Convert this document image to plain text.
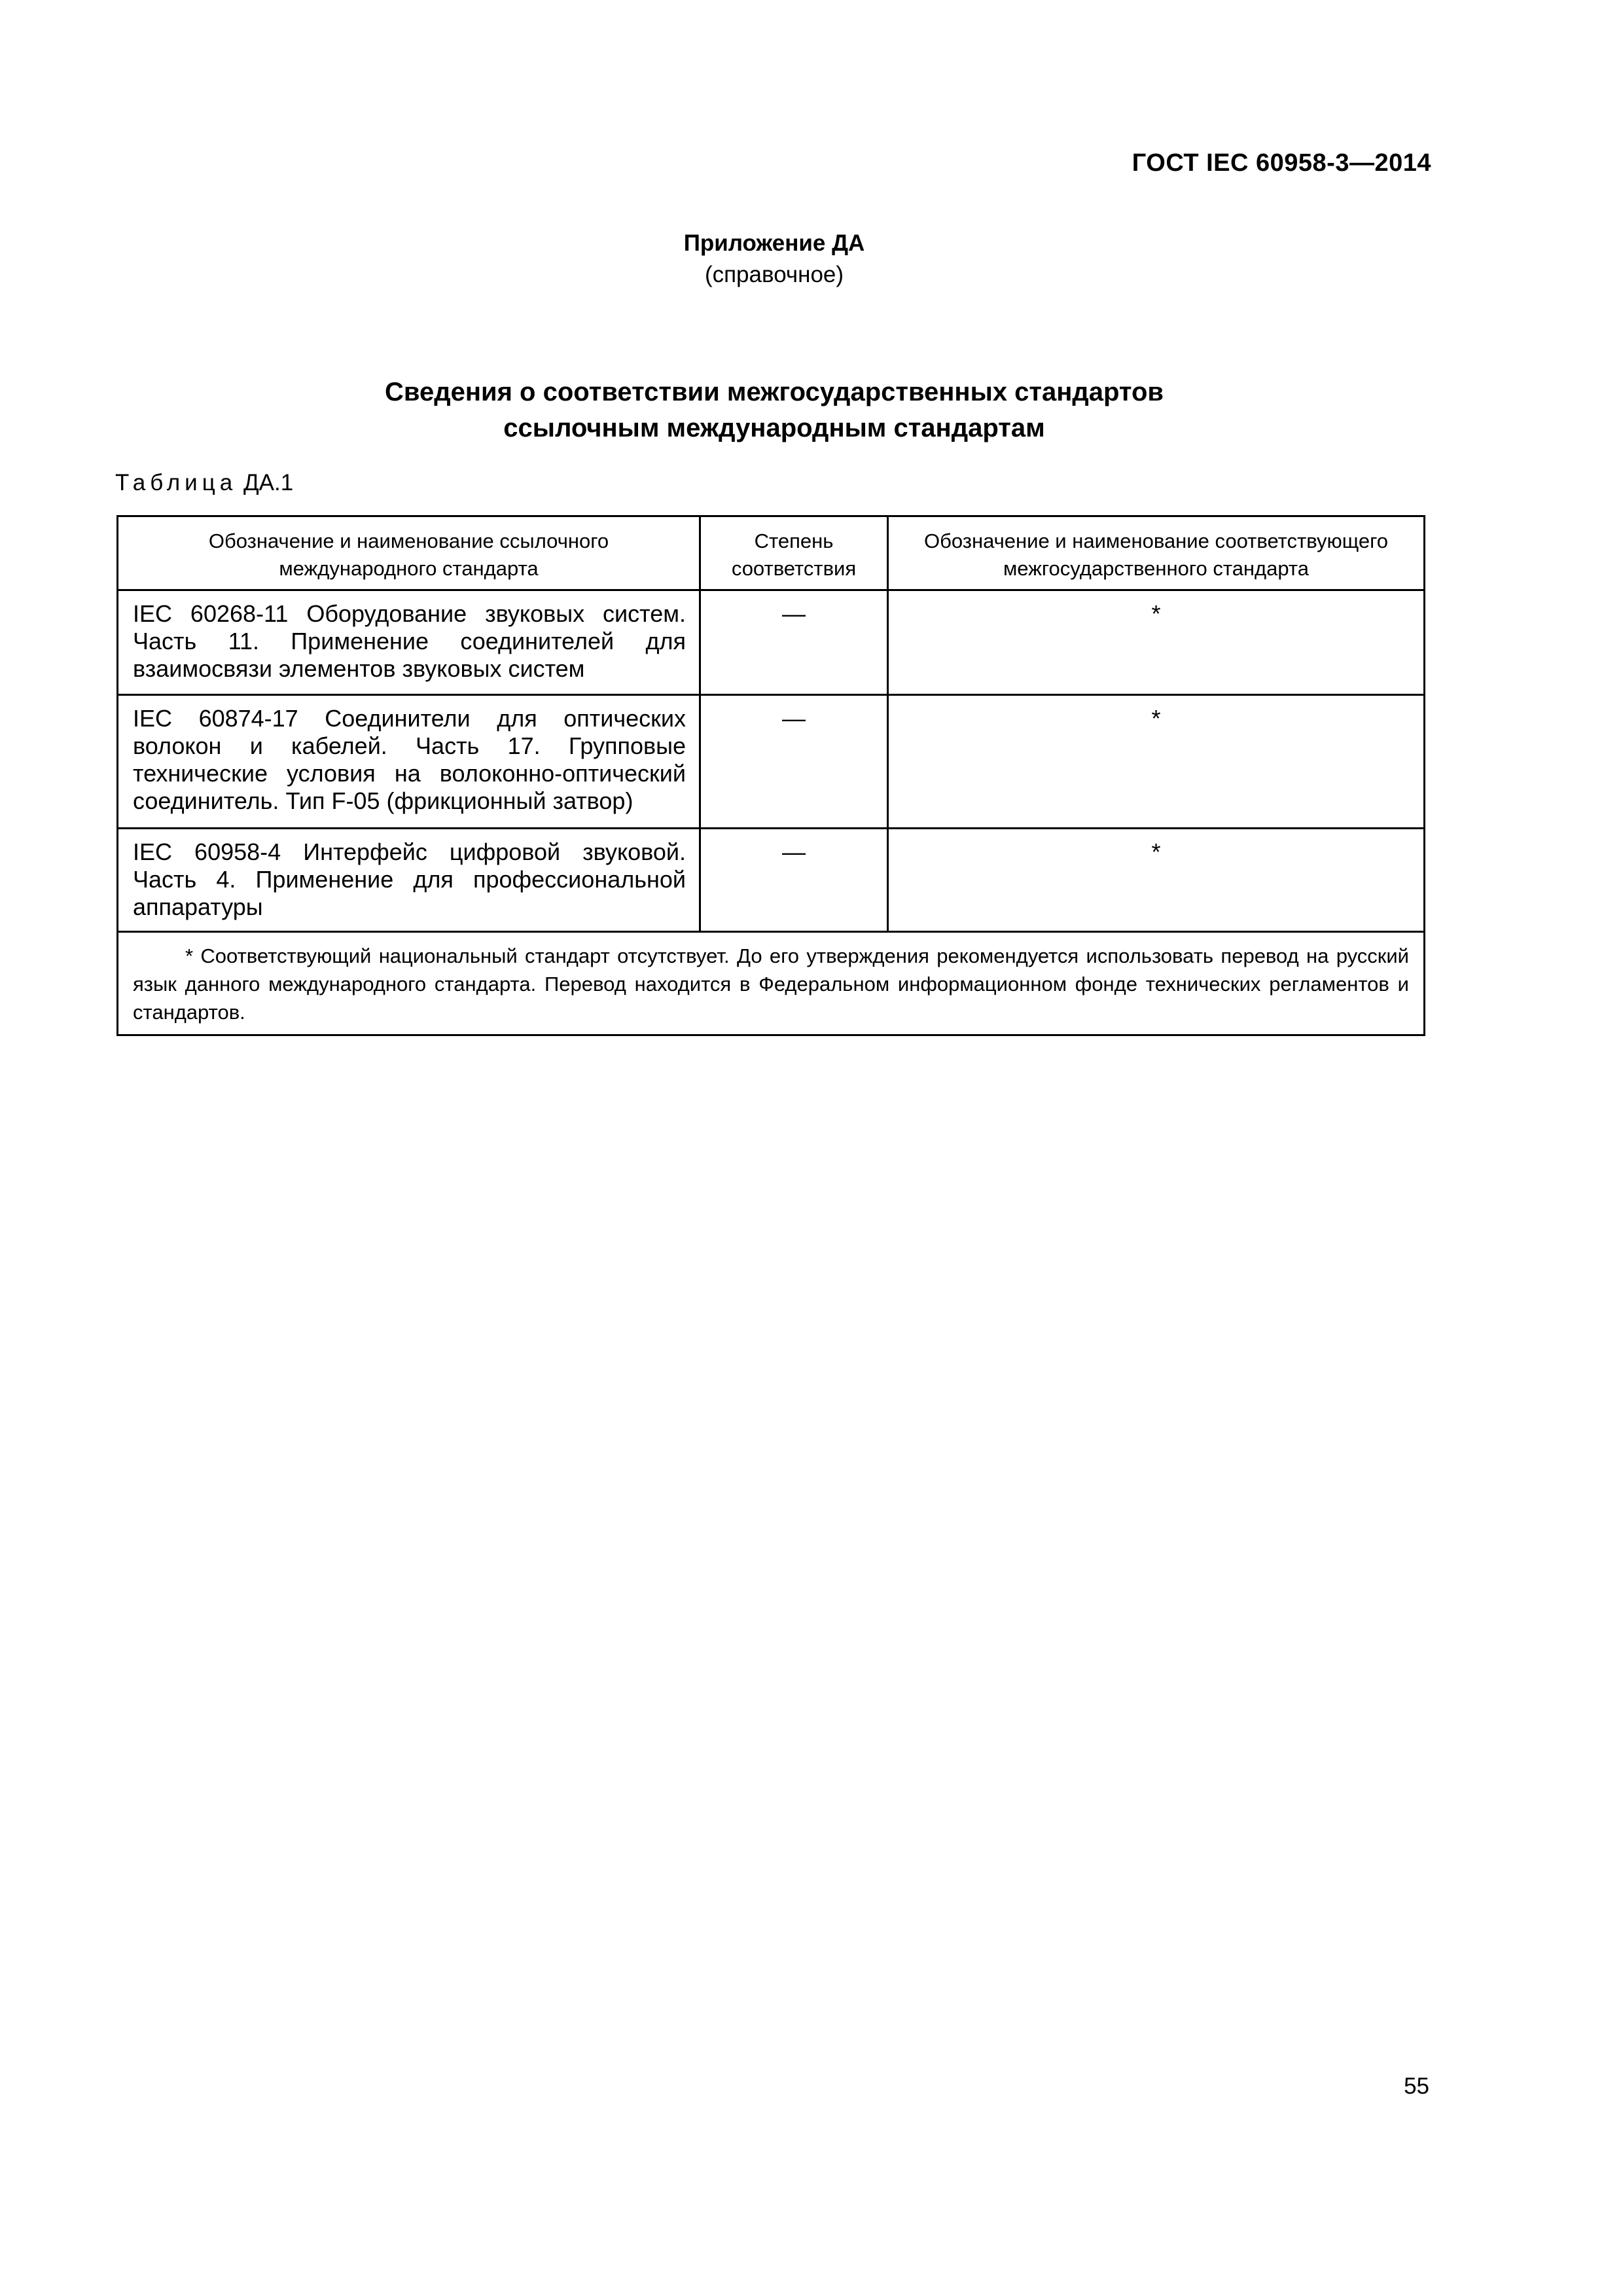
ГОСТ IEC 60958-3—2014
Приложение ДА
(справочное)
Сведения о соответствии межгосударственных стандартов
ссылочным международным стандартам
Таблица ДА.1
Обозначение и наименование ссылочного международного стандарта	Степень соответствия	Обозначение и наименование соответствующего межгосударственного стандарта
IEC 60268-11 Оборудование звуковых систем. Часть 11. Применение соединителей для взаимосвязи элементов звуковых систем	—	*
IEC 60874-17 Соединители для оптических волокон и кабелей. Часть 17. Групповые технические условия на волоконно-оптический соединитель. Тип F-05 (фрикционный затвор)	—	*
IEC 60958-4 Интерфейс цифровой звуковой. Часть 4. Применение для профессиональной аппаратуры	—	*

* Соответствующий национальный стандарт отсутствует. До его утверждения рекомендуется использовать перевод на русский язык данного международного стандарта. Перевод находится в Федеральном информационном фонде технических регламентов и стандартов.		
55
